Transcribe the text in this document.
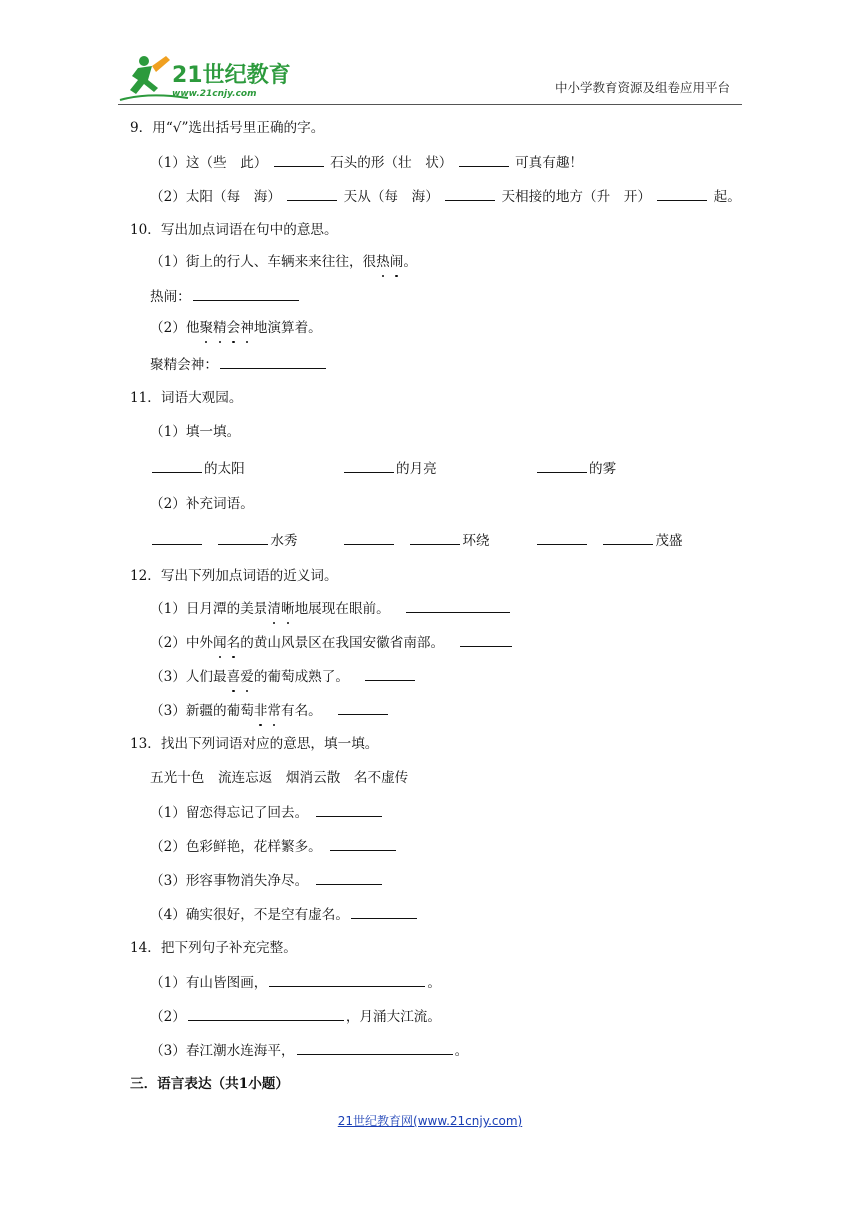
21世纪教育
www.21cnjy.com	中小学教育资源及组卷应用平台
9．用“√”选出括号里正确的字。
（1）这（些　此）	石头的形（壮　状）	可真有趣！
（2）太阳（每　海）	天从（每　海）	天相接的地方（升　开）	起。
10．写出加点词语在句中的意思。
（1）街上的行人、车辆来来往往，很热闹。
热闹：
（2）他聚精会神地演算着。
聚精会神：
11．词语大观园。
（1）填一填。
的太阳	的月亮	的雾
（2）补充词语。
水秀	环绕	茂盛
12．写出下列加点词语的近义词。
（1）日月潭的美景清晰地展现在眼前。
（2）中外闻名的黄山风景区在我国安徽省南部。
（3）人们最喜爱的葡萄成熟了。
（3）新疆的葡萄非常有名。
13．找出下列词语对应的意思，填一填。
五光十色　流连忘返　烟消云散　名不虚传
（1）留恋得忘记了回去。
（2）色彩鲜艳，花样繁多。
（3）形容事物消失净尽。
（4）确实很好，不是空有虚名。
14．把下列句子补充完整。
（1）有山皆图画，	。
（2）	，月涌大江流。
（3）春江潮水连海平，	。
三．语言表达（共1小题）
21世纪教育网(www.21cnjy.com)
